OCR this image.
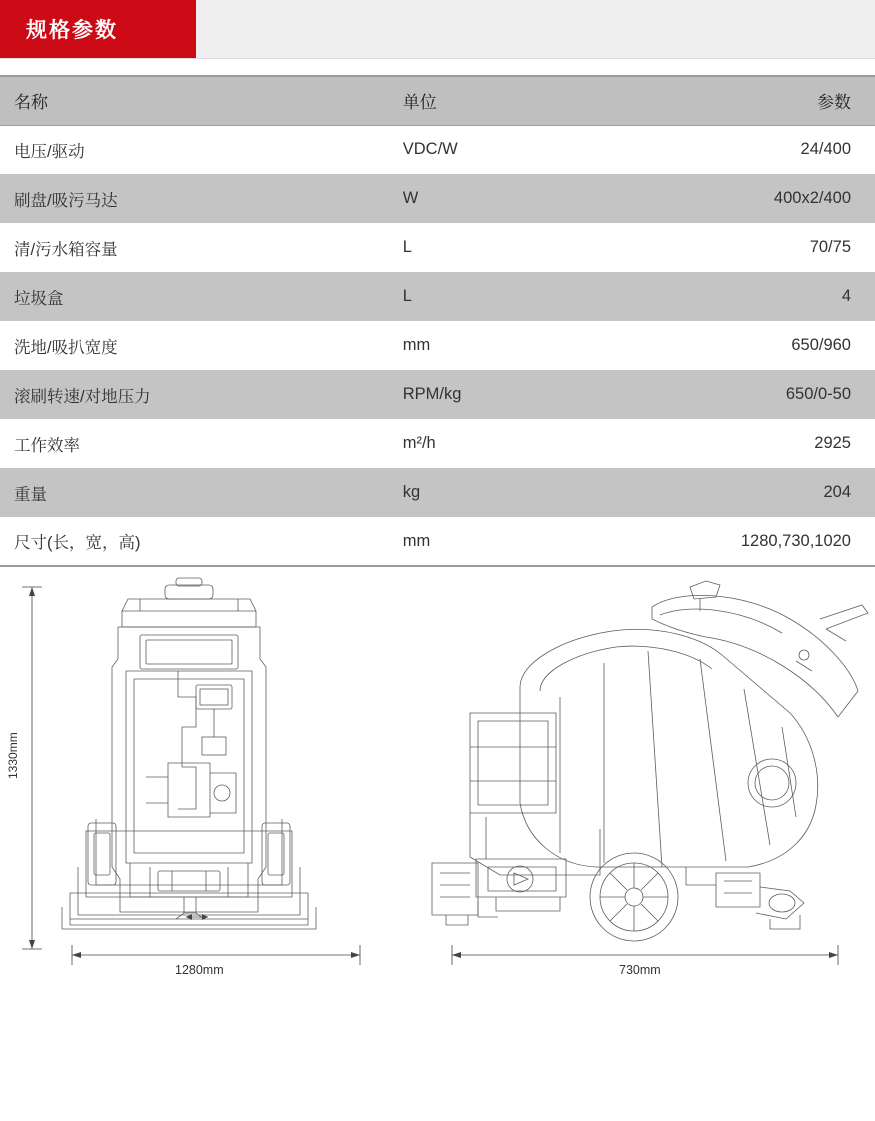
规格参数
名称	单位	参数
电压/驱动	VDC/W	24/400
刷盘/吸污马达	W	400x2/400
清/污水箱容量	L	70/75
垃圾盒	L	4
洗地/吸扒宽度	mm	650/960
滚刷转速/对地压力	RPM/kg	650/0-50
工作效率	m²/h	2925
重量	kg	204
尺寸(长，宽，高)	mm	1280,730,1020
1330mm
1280mm	730mm
